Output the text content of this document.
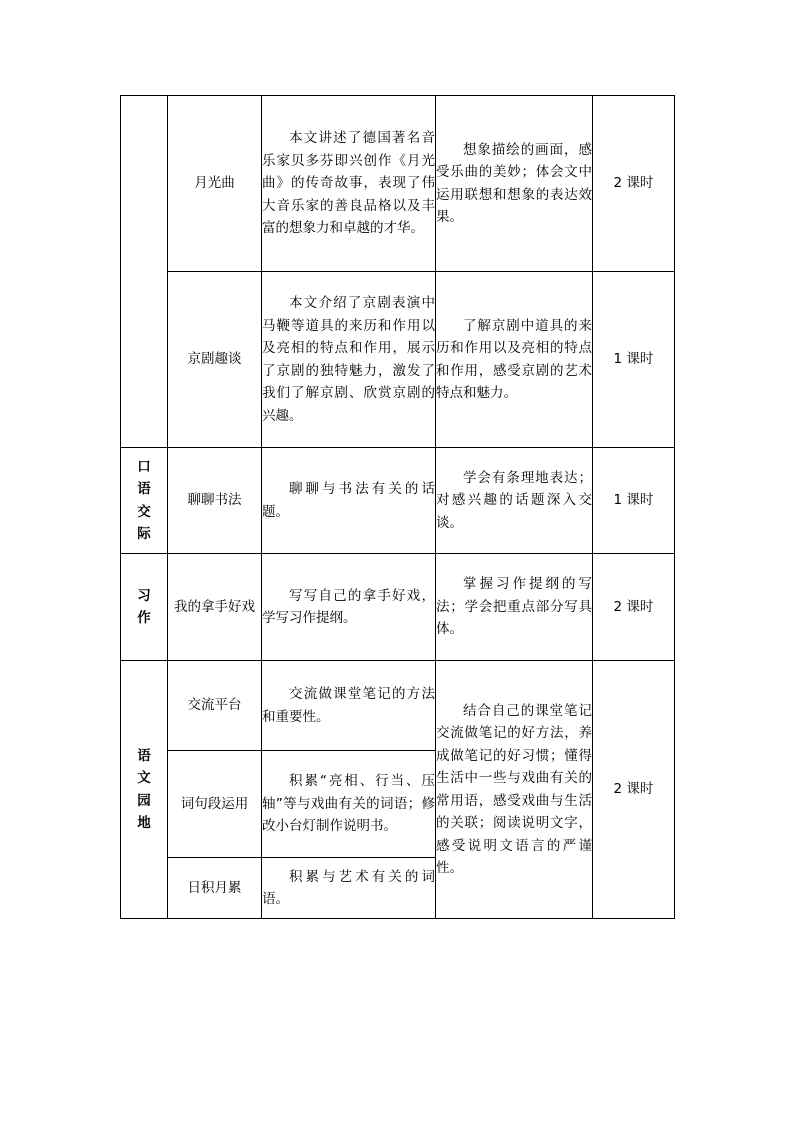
	月光曲	本文讲述了德国著名音乐家贝多芬即兴创作《月光曲》的传奇故事，表现了伟大音乐家的善良品格以及丰富的想象力和卓越的才华。	想象描绘的画面，感受乐曲的美妙；体会文中运用联想和想象的表达效果。	2 课时
	京剧趣谈	本文介绍了京剧表演中马鞭等道具的来历和作用以及亮相的特点和作用，展示了京剧的独特魅力，激发了我们了解京剧、欣赏京剧的兴趣。	了解京剧中道具的来历和作用以及亮相的特点和作用，感受京剧的艺术特点和魅力。	1 课时
口语交际	聊聊书法	聊聊与书法有关的话题。	学会有条理地表达；对感兴趣的话题深入交谈。	1 课时
习作	我的拿手好戏	写写自己的拿手好戏，学写习作提纲。	掌握习作提纲的写法；学会把重点部分写具体。	2 课时
语文园地	交流平台	交流做课堂笔记的方法和重要性。	结合自己的课堂笔记交流做笔记的好方法，养成做笔记的好习惯；懂得生活中一些与戏曲有关的常用语，感受戏曲与生活的关联；阅读说明文字，感受说明文语言的严谨性。	2 课时
	词句段运用	积累“亮相、行当、压轴”等与戏曲有关的词语；修改小台灯制作说明书。		
	日积月累	积累与艺术有关的词语。		
